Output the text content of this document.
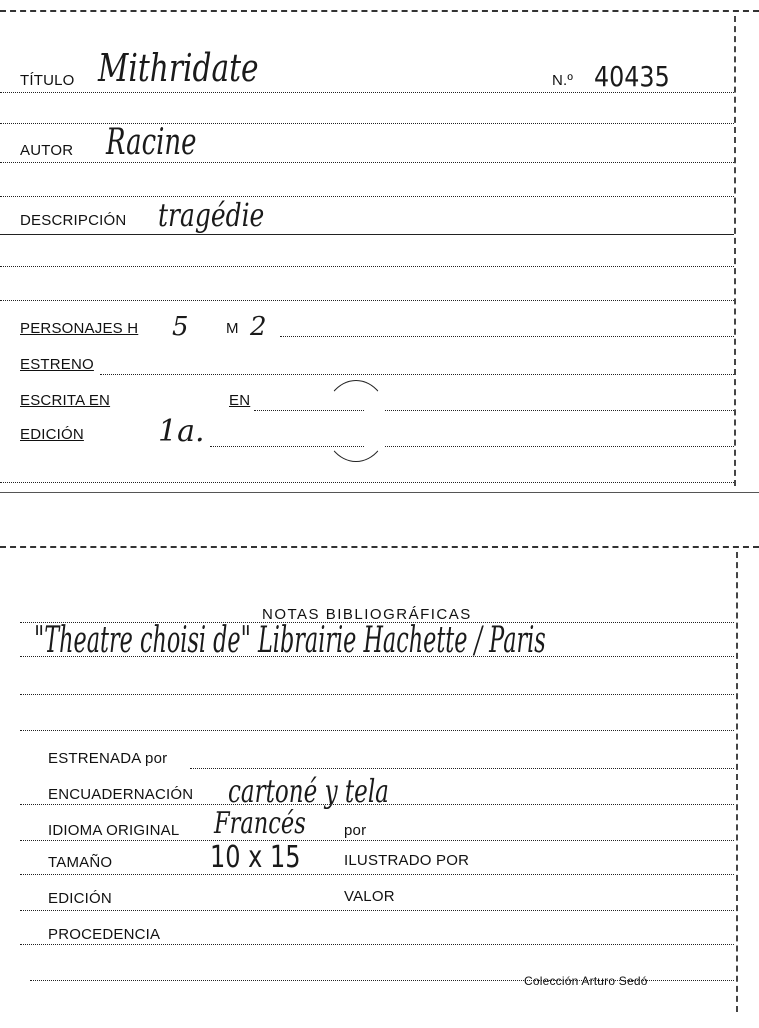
TÍTULO Mithridate	N.º 40435
AUTOR Racine
DESCRIPCIÓN tragédie
PERSONAJES H 5 M 2
ESTRENO
ESCRITA EN	EN
EDICIÓN 1a.
NOTAS BIBLIOGRÁFICAS
"Theatre choisi de" Librairie Hachette / Paris
ESTRENADA por
ENCUADERNACIÓN cartoné y tela
IDIOMA ORIGINAL Francés	por
TAMAÑO	10 x 15	ILUSTRADO POR
EDICIÓN	VALOR
PROCEDENCIA
Colección Arturo Sedó
